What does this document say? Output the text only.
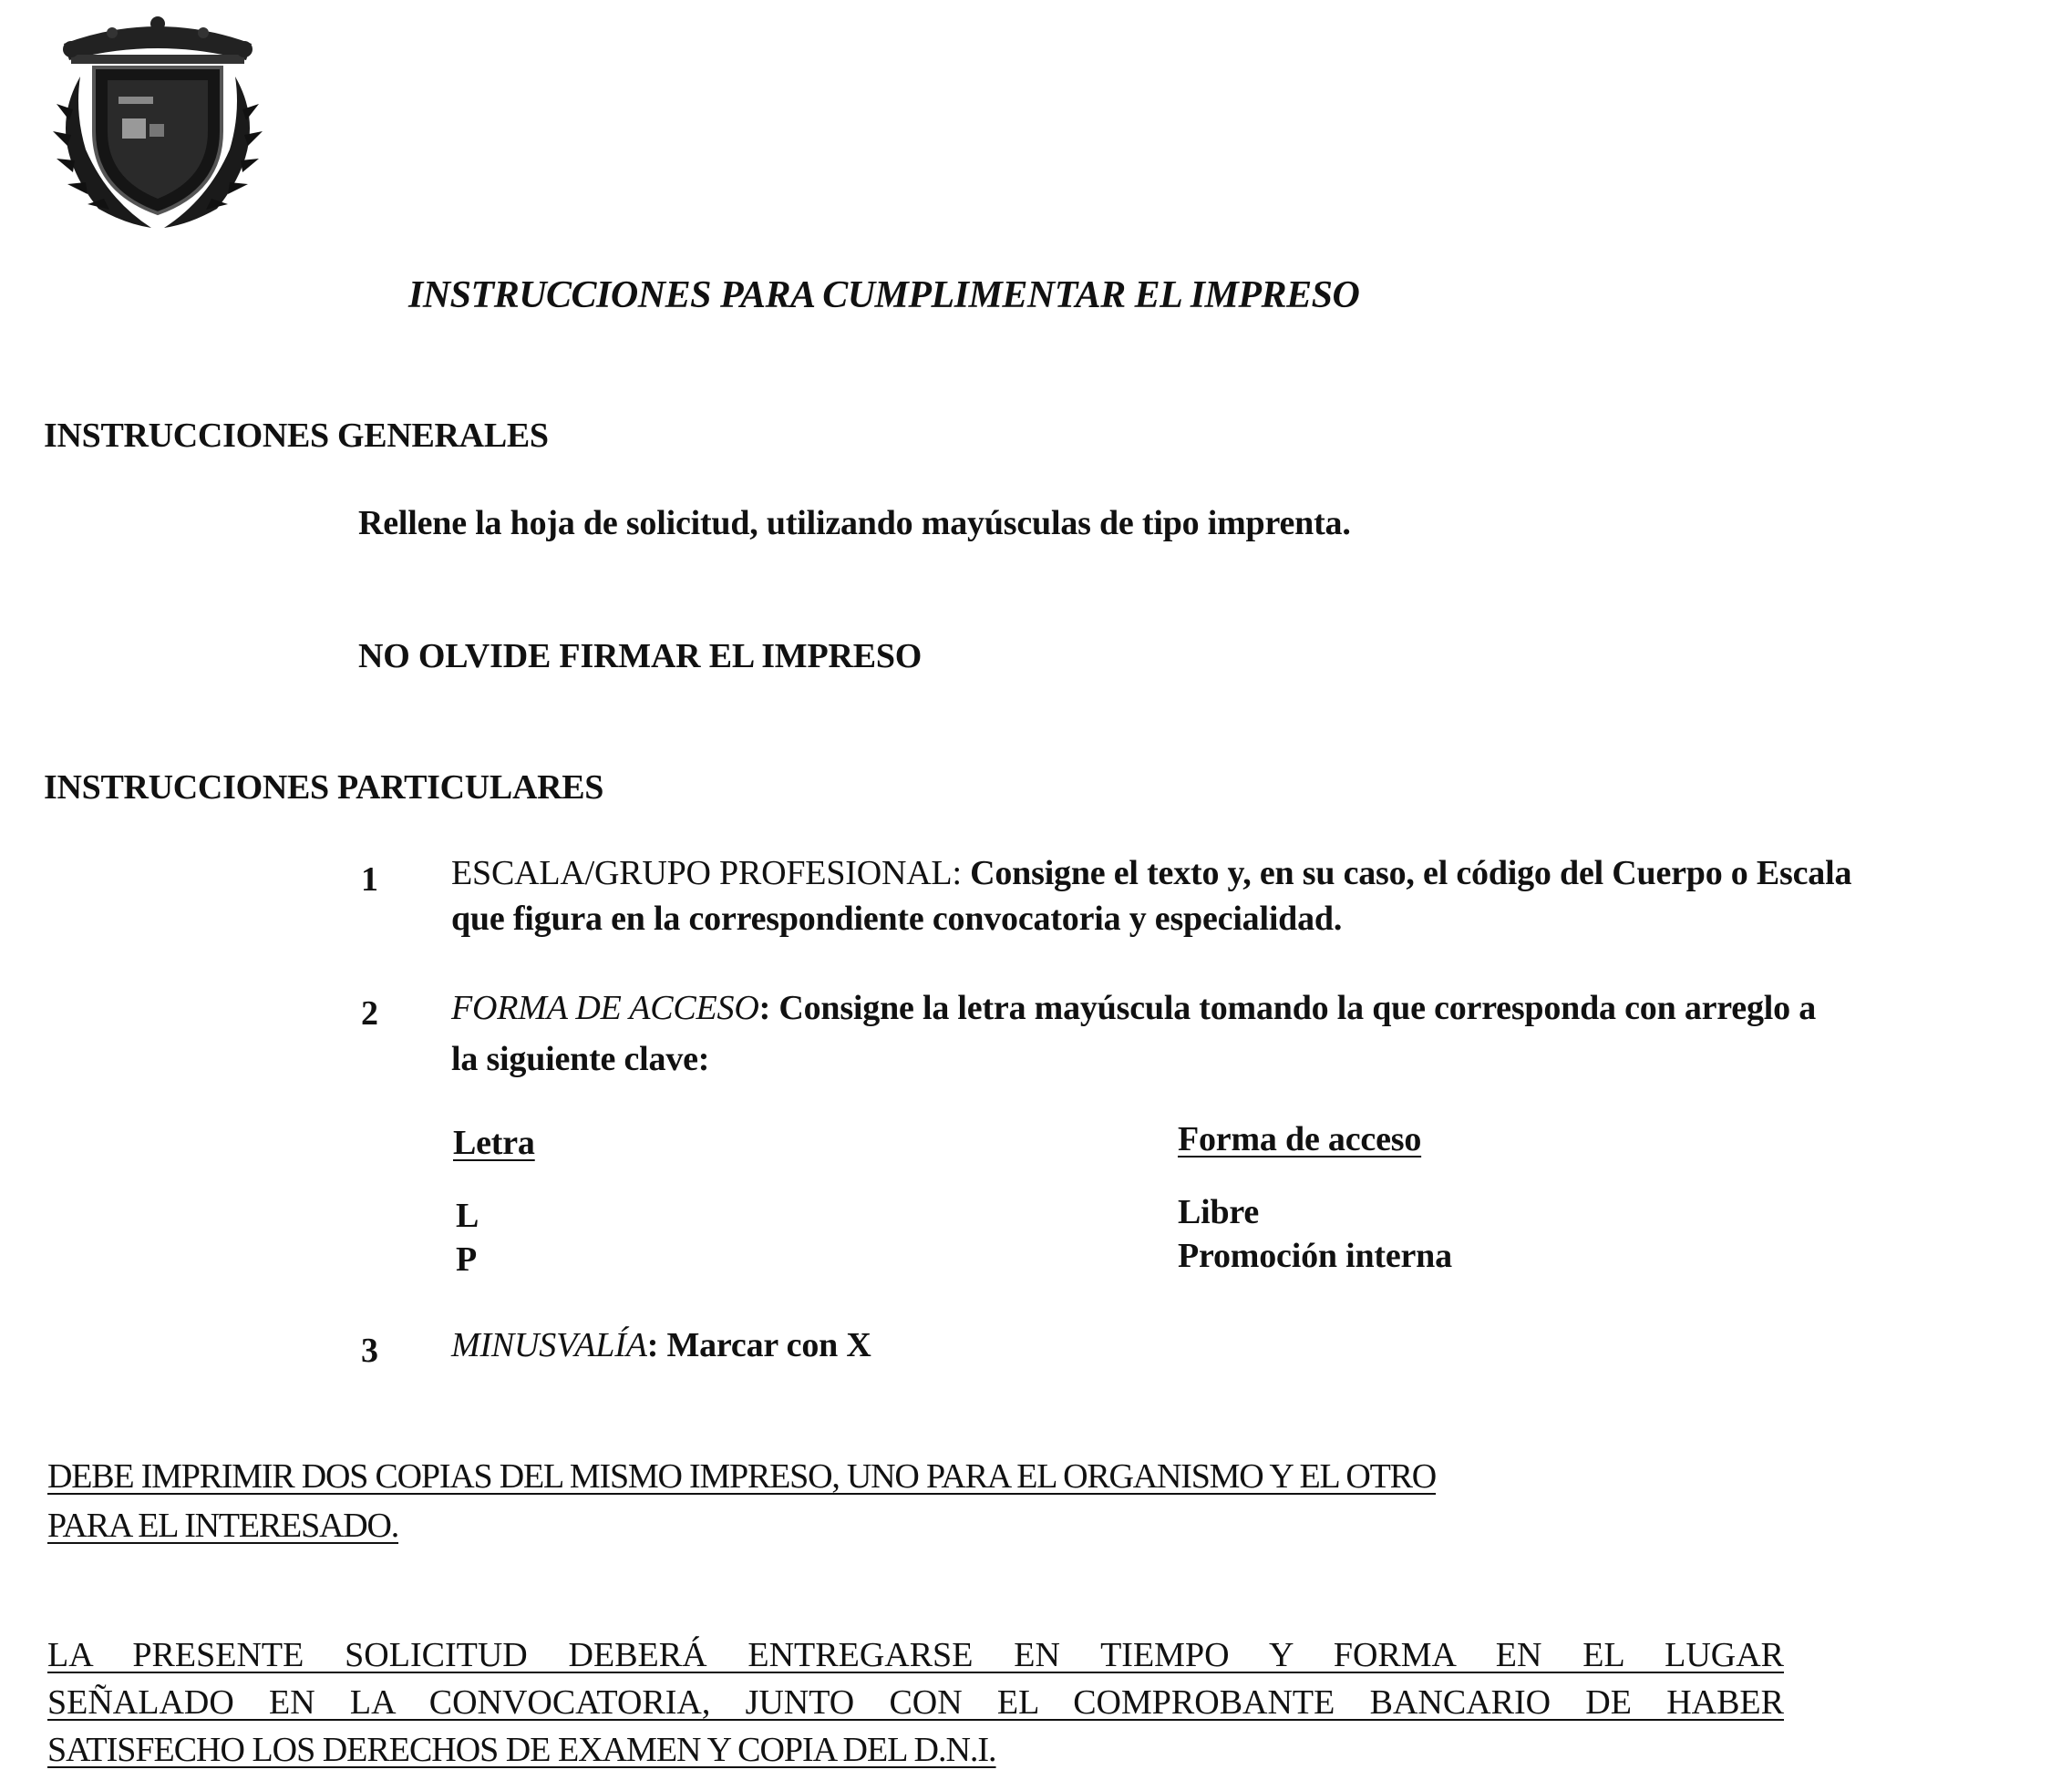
INSTRUCCIONES PARA CUMPLIMENTAR EL IMPRESO
INSTRUCCIONES GENERALES
Rellene la hoja de solicitud, utilizando mayúsculas de tipo imprenta.
NO OLVIDE FIRMAR EL IMPRESO
INSTRUCCIONES PARTICULARES
1 ESCALA/GRUPO PROFESIONAL: Consigne el texto y, en su caso, el código del Cuerpo o Escala
que figura en la correspondiente convocatoria y especialidad.
2 FORMA DE ACCESO: Consigne la letra mayúscula tomando la que corresponda con arreglo a
la siguiente clave:
Letra	Forma de acceso
L	Libre
P	Promoción interna
3 MINUSVALÍA: Marcar con X
DEBE IMPRIMIR DOS COPIAS DEL MISMO IMPRESO, UNO PARA EL ORGANISMO Y EL OTRO
PARA EL INTERESADO.
LA PRESENTE SOLICITUD DEBERÁ ENTREGARSE EN TIEMPO Y FORMA EN EL LUGAR
SEÑALADO EN LA CONVOCATORIA, JUNTO CON EL COMPROBANTE BANCARIO DE HABER
SATISFECHO LOS DERECHOS DE EXAMEN Y COPIA DEL D.N.I.
